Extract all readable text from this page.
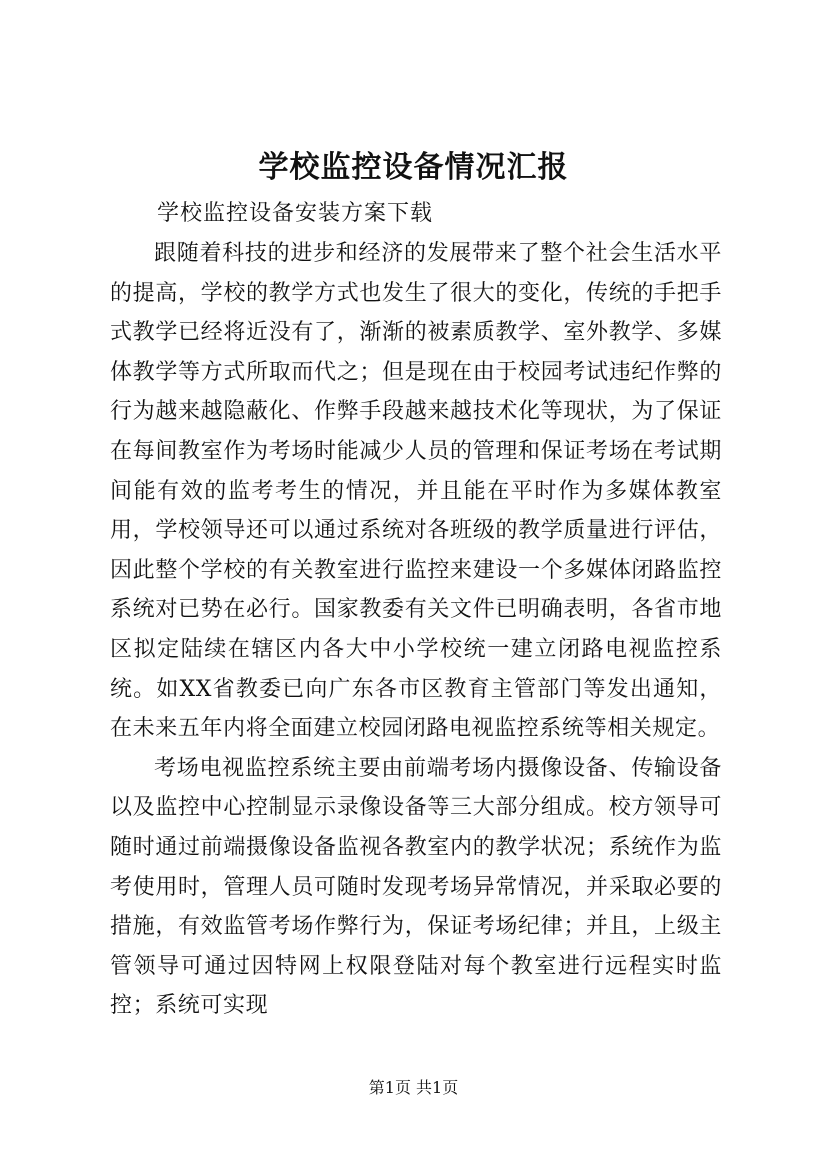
学校监控设备情况汇报
学校监控设备安装方案下载

跟随着科技的进步和经济的发展带来了整个社会生活水平的提高，学校的教学方式也发生了很大的变化，传统的手把手式教学已经将近没有了，渐渐的被素质教学、室外教学、多媒体教学等方式所取而代之；但是现在由于校园考试违纪作弊的行为越来越隐蔽化、作弊手段越来越技术化等现状，为了保证在每间教室作为考场时能减少人员的管理和保证考场在考试期间能有效的监考考生的情况，并且能在平时作为多媒体教室用，学校领导还可以通过系统对各班级的教学质量进行评估，因此整个学校的有关教室进行监控来建设一个多媒体闭路监控系统对已势在必行。国家教委有关文件已明确表明，各省市地区拟定陆续在辖区内各大中小学校统一建立闭路电视监控系统。如XX省教委已向广东各市区教育主管部门等发出通知，在未来五年内将全面建立校园闭路电视监控系统等相关规定。

考场电视监控系统主要由前端考场内摄像设备、传输设备以及监控中心控制显示录像设备等三大部分组成。校方领导可随时通过前端摄像设备监视各教室内的教学状况；系统作为监考使用时，管理人员可随时发现考场异常情况，并采取必要的措施，有效监管考场作弊行为，保证考场纪律；并且，上级主管领导可通过因特网上权限登陆对每个教室进行远程实时监控；系统可实现

第1页 共1页
